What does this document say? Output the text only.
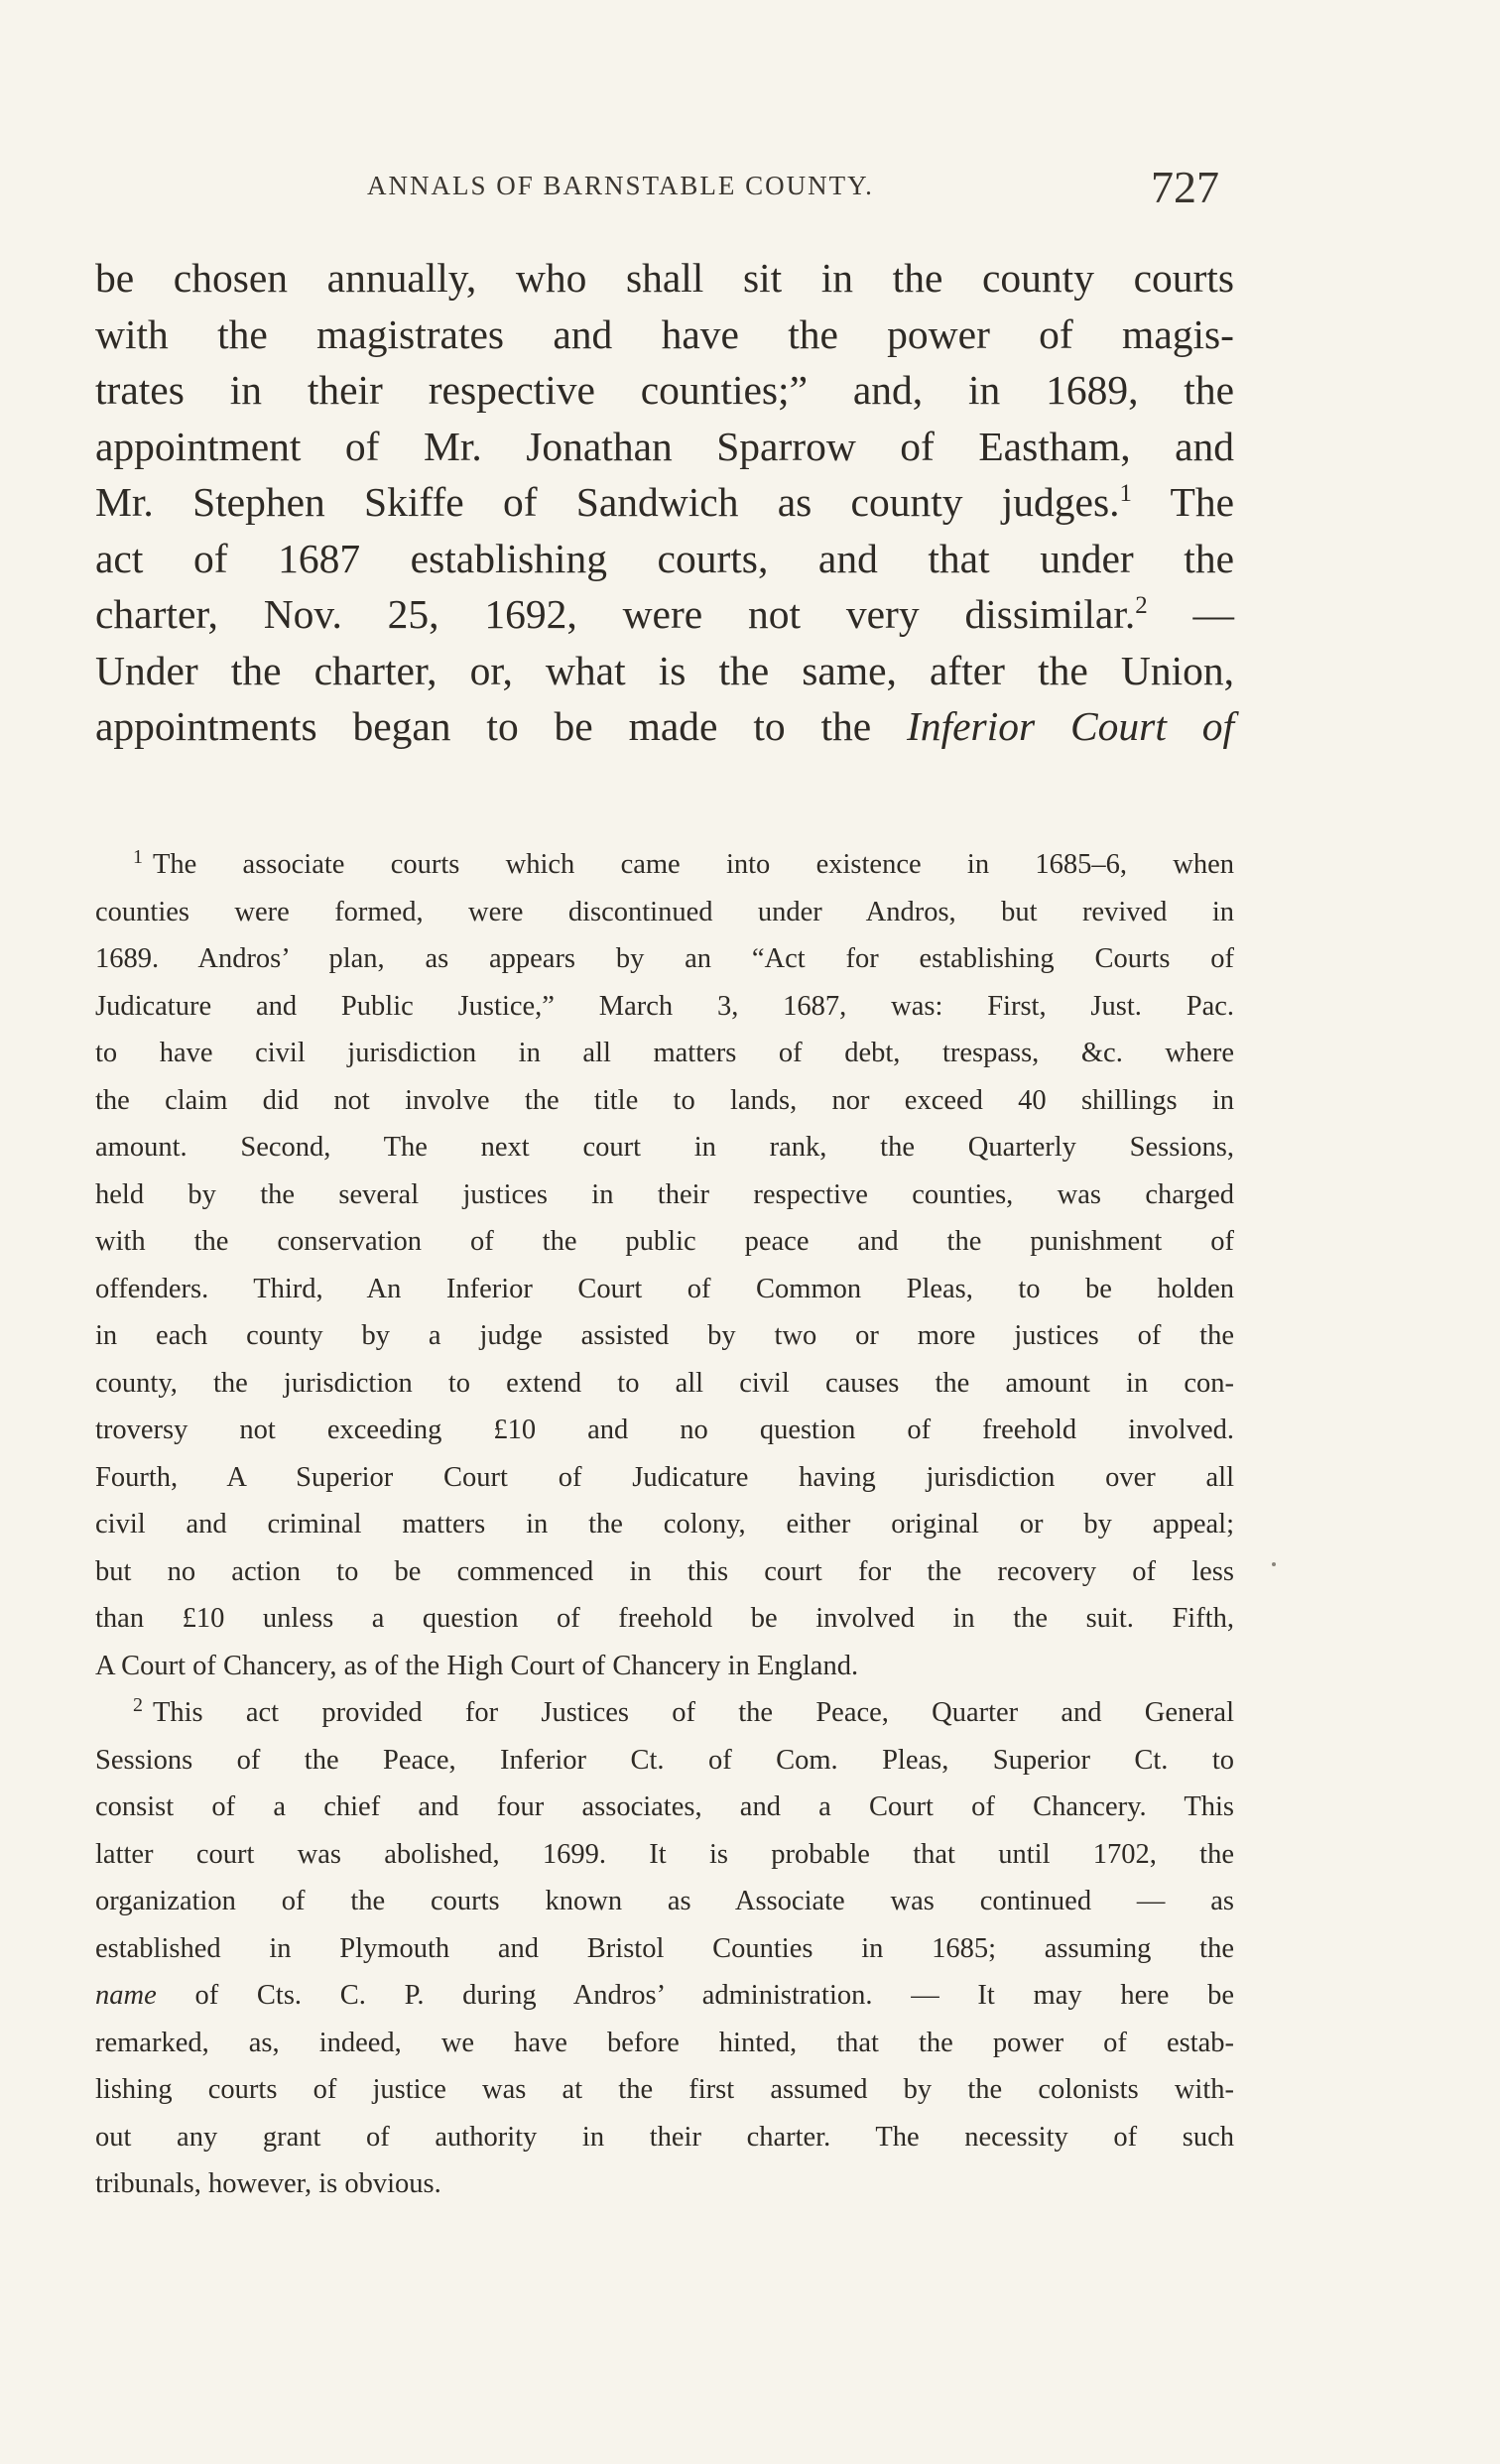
ANNALS OF BARNSTABLE COUNTY.	727
be chosen annually, who shall sit in the county courts
with the magistrates and have the power of magis-
trates in their respective counties;” and, in 1689, the
appointment of Mr. Jonathan Sparrow of Eastham, and
Mr. Stephen Skiffe of Sandwich as county judges.$^1$ The
act of 1687 establishing courts, and that under the
charter, Nov. 25, 1692, were not very dissimilar.$^2$ —
Under the charter, or, what is the same, after the Union,
appointments began to be made to the Inferior Court of
$^1$ The associate courts which came into existence in 1685–6, when
counties were formed, were discontinued under Andros, but revived in
1689. Andros’ plan, as appears by an “Act for establishing Courts of
Judicature and Public Justice,” March 3, 1687, was: First, Just. Pac.
to have civil jurisdiction in all matters of debt, trespass, &c. where
the claim did not involve the title to lands, nor exceed 40 shillings in
amount. Second, The next court in rank, the Quarterly Sessions,
held by the several justices in their respective counties, was charged
with the conservation of the public peace and the punishment of
offenders. Third, An Inferior Court of Common Pleas, to be holden
in each county by a judge assisted by two or more justices of the
county, the jurisdiction to extend to all civil causes the amount in con-
troversy not exceeding £10 and no question of freehold involved.
Fourth, A Superior Court of Judicature having jurisdiction over all
civil and criminal matters in the colony, either original or by appeal;
but no action to be commenced in this court for the recovery of less
than £10 unless a question of freehold be involved in the suit. Fifth,
A Court of Chancery, as of the High Court of Chancery in England.
$^2$ This act provided for Justices of the Peace, Quarter and General
Sessions of the Peace, Inferior Ct. of Com. Pleas, Superior Ct. to
consist of a chief and four associates, and a Court of Chancery. This
latter court was abolished, 1699. It is probable that until 1702, the
organization of the courts known as Associate was continued — as
established in Plymouth and Bristol Counties in 1685; assuming the
name of Cts. C. P. during Andros’ administration. — It may here be
remarked, as, indeed, we have before hinted, that the power of estab-
lishing courts of justice was at the first assumed by the colonists with-
out any grant of authority in their charter. The necessity of such
tribunals, however, is obvious.
